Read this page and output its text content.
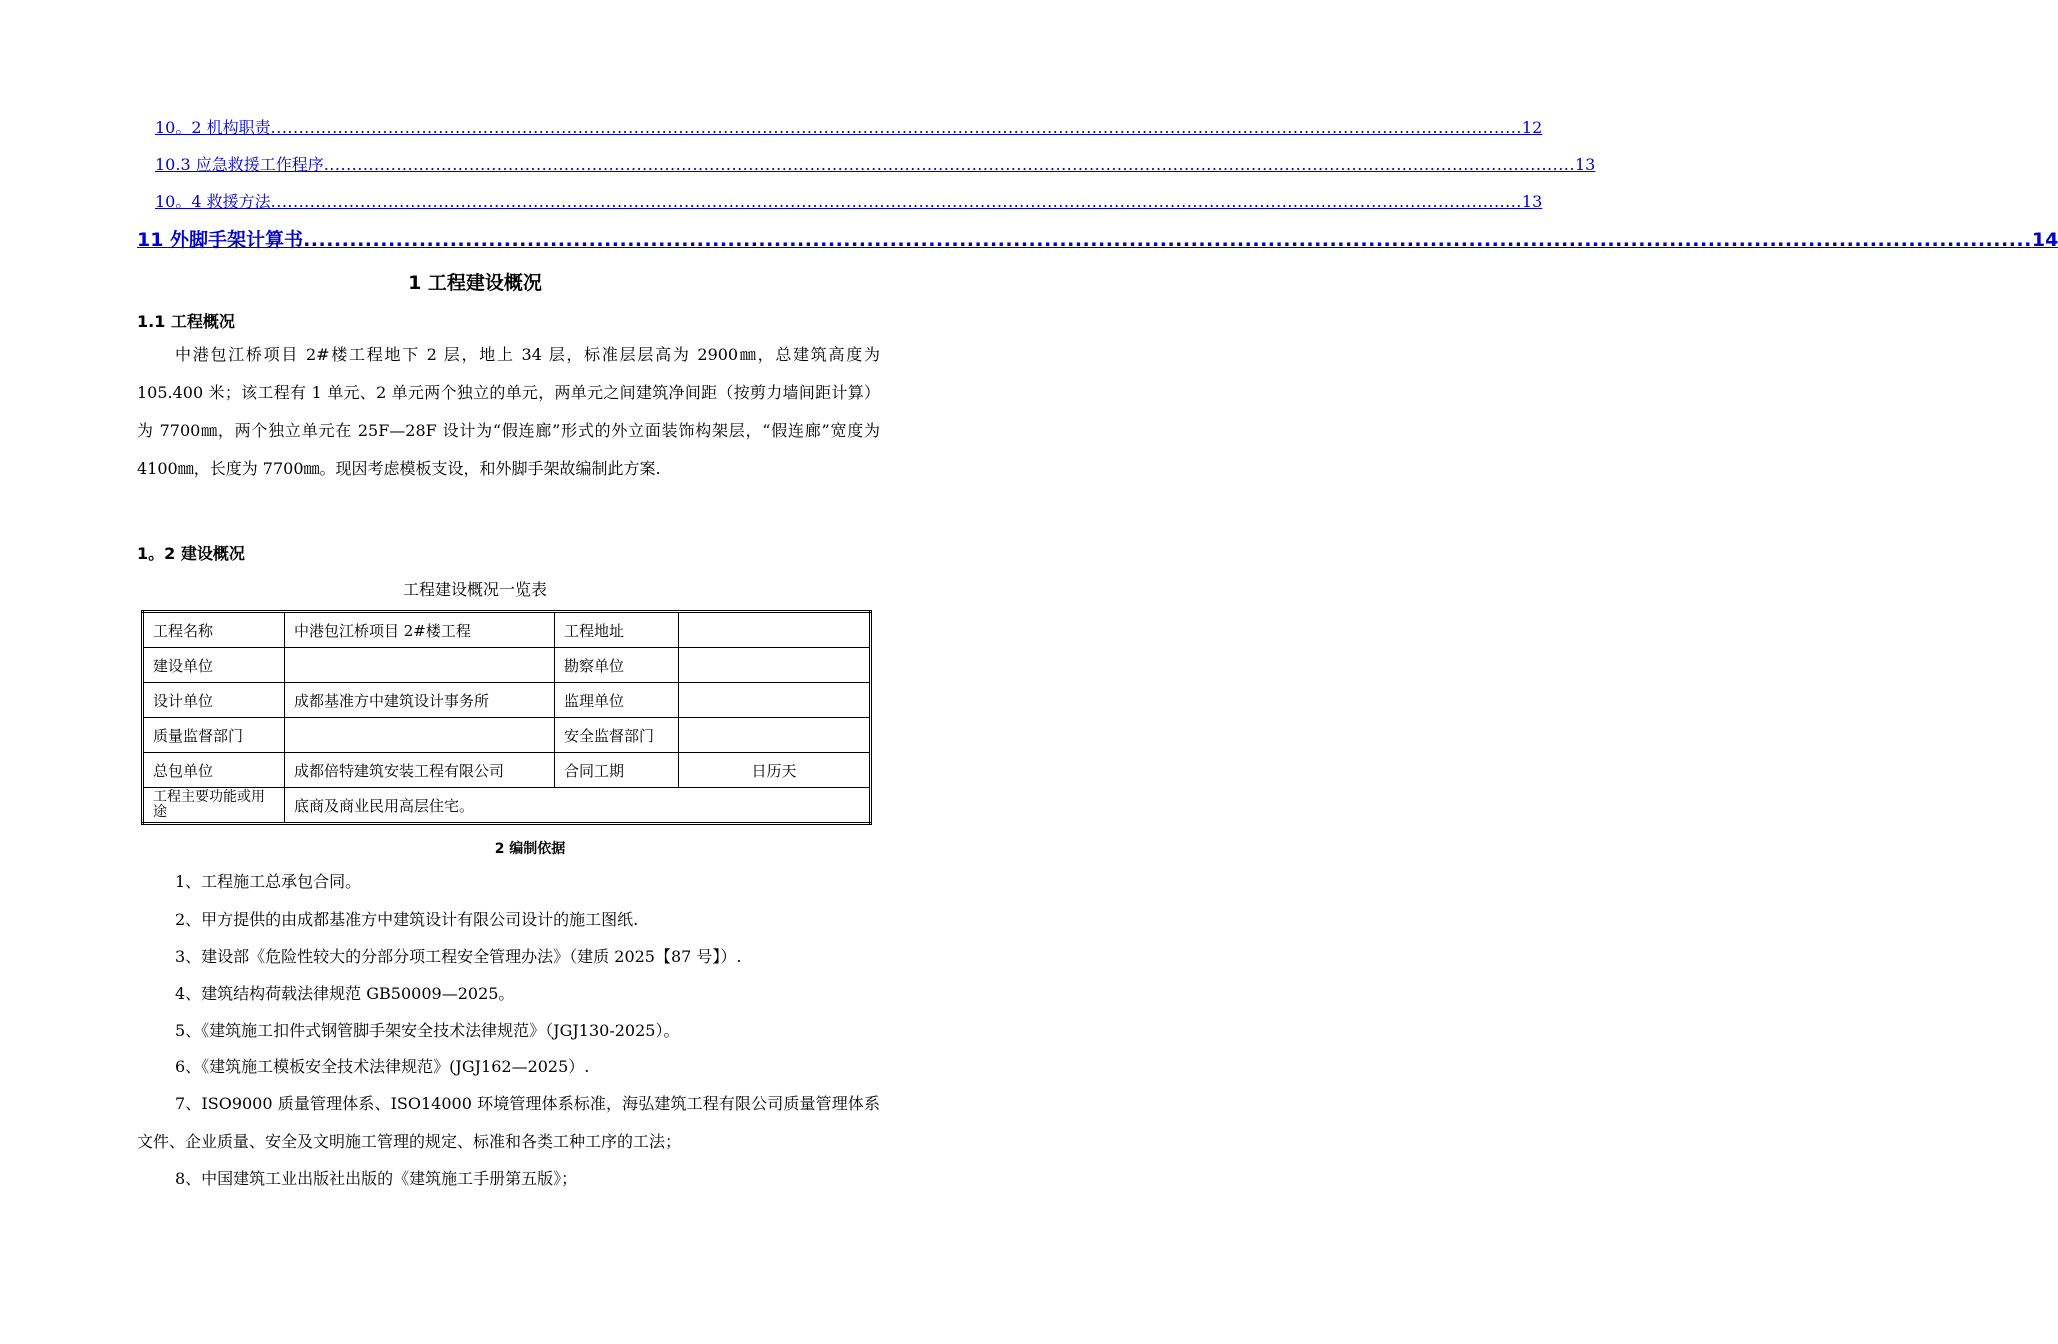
10。2 机构职责 ................................................................................................................................................................................................................................ 12
10.3 应急救援工作程序 ................................................................................................................................................................................................................................ 13
10。4 救援方法 ................................................................................................................................................................................................................................ 13
11 外脚手架计算书 ................................................................................................................................................................................................................................ 14
1 工程建设概况
1.1 工程概况

中港包江桥项目 2#楼工程地下 2 层，地上 34 层，标准层层高为 2900㎜，总建筑高度为 105.400 米；该工程有 1 单元、2 单元两个独立的单元，两单元之间建筑净间距（按剪力墙间距计算）为 7700㎜，两个独立单元在 25F—28F 设计为“假连廊”形式的外立面装饰构架层，“假连廊”宽度为 4100㎜，长度为 7700㎜。现因考虑模板支设，和外脚手架故编制此方案.

1。2 建设概况
工程建设概况一览表
工程名称	中港包江桥项目 2#楼工程	工程地址	
建设单位		勘察单位	
设计单位	成都基准方中建筑设计事务所	监理单位	
质量监督部门		安全监督部门	
总包单位	成都倍特建筑安装工程有限公司	合同工期	日历天
工程主要功能或用途	底商及商业民用高层住宅。		
2 编制依据

1、工程施工总承包合同。

2、甲方提供的由成都基准方中建筑设计有限公司设计的施工图纸.

3、建设部《危险性较大的分部分项工程安全管理办法》（建质 2025【87 号】）.

4、建筑结构荷载法律规范 GB50009—2025。

5、《建筑施工扣件式钢管脚手架安全技术法律规范》（JGJ130-2025）。

6、《建筑施工模板安全技术法律规范》(JGJ162—2025）.

7、ISO9000 质量管理体系、ISO14000 环境管理体系标准，海弘建筑工程有限公司质量管理体系文件、企业质量、安全及文明施工管理的规定、标准和各类工种工序的工法；

8、中国建筑工业出版社出版的《建筑施工手册第五版》；
